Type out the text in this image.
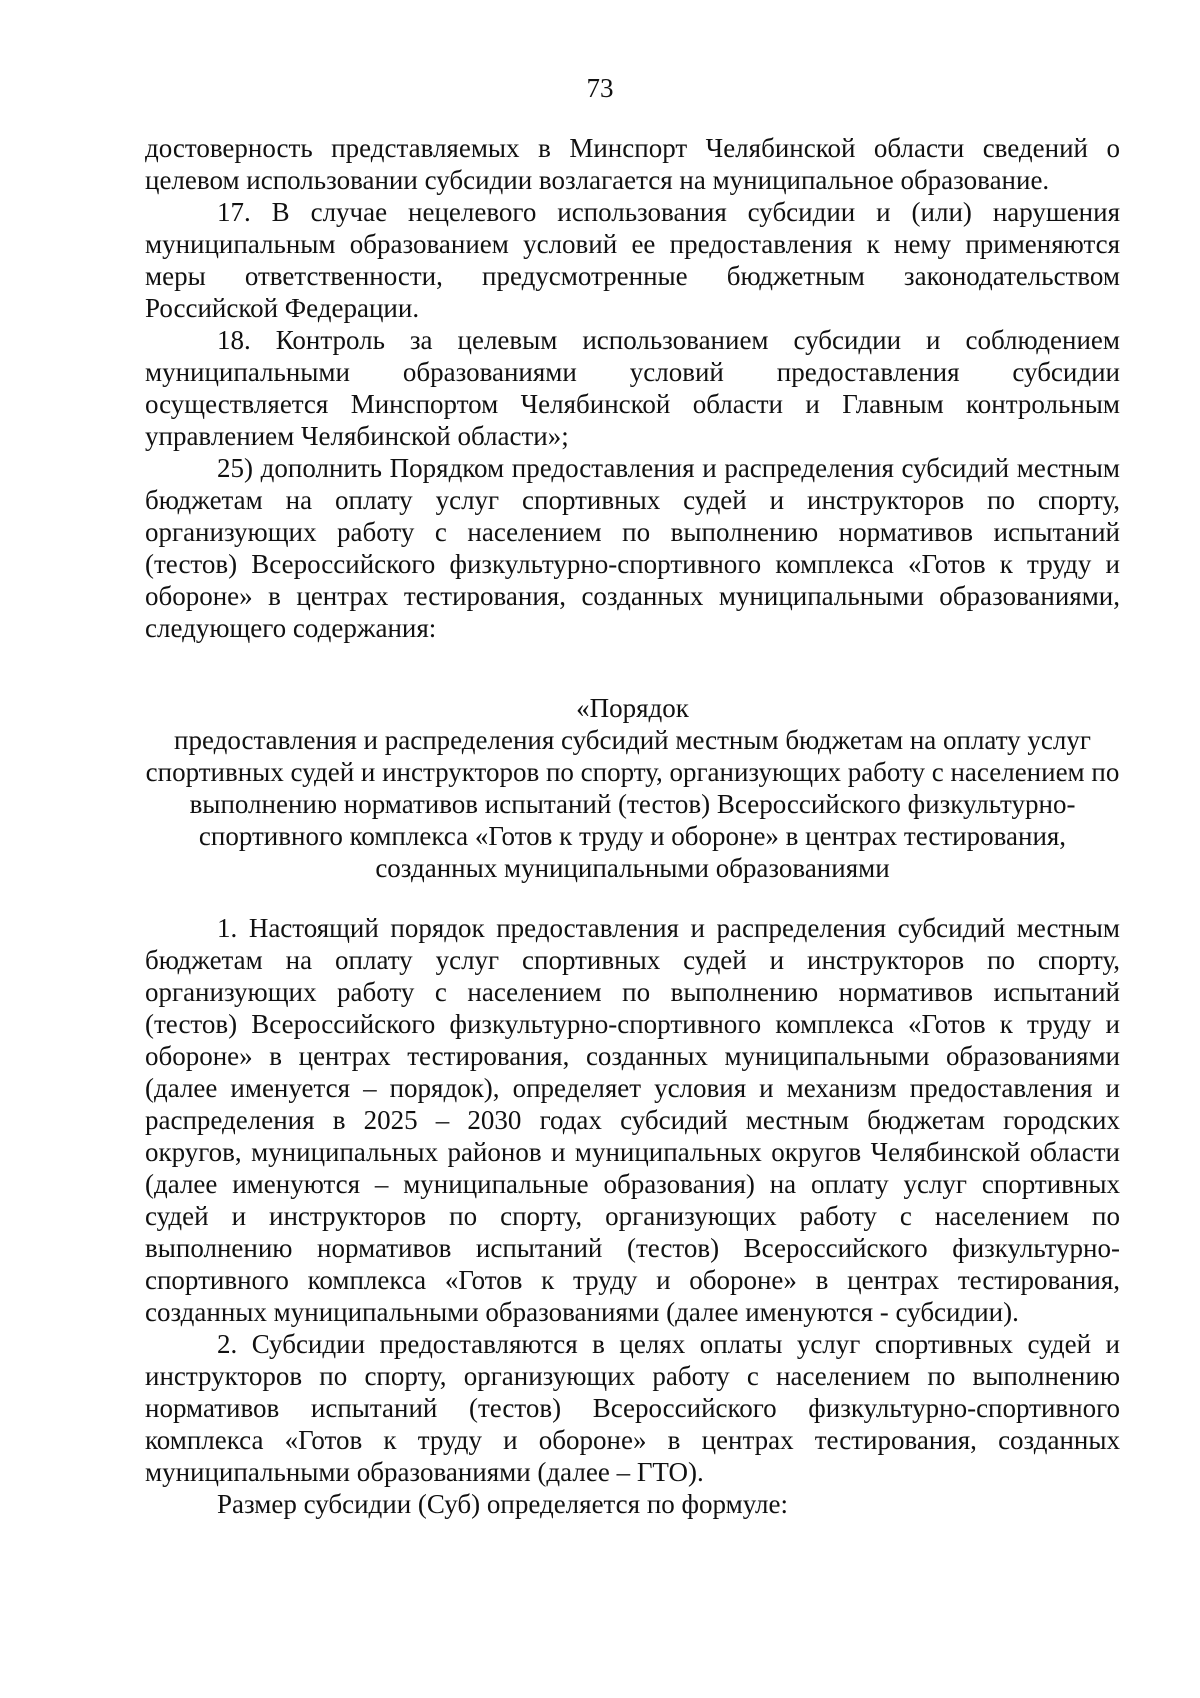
73

достоверность представляемых в Минспорт Челябинской области сведений о целевом использовании субсидии возлагается на муниципальное образование.

17. В случае нецелевого использования субсидии и (или) нарушения муниципальным образованием условий ее предоставления к нему применяются меры ответственности, предусмотренные бюджетным законодательством Российской Федерации.

18. Контроль за целевым использованием субсидии и соблюдением муниципальными образованиями условий предоставления субсидии осуществляется Минспортом Челябинской области и Главным контрольным управлением Челябинской области»;

25) дополнить Порядком предоставления и распределения субсидий местным бюджетам на оплату услуг спортивных судей и инструкторов по спорту, организующих работу с населением по выполнению нормативов испытаний (тестов) Всероссийского физкультурно-спортивного комплекса «Готов к труду и обороне» в центрах тестирования, созданных муниципальными образованиями, следующего содержания:

«Порядок

предоставления и распределения субсидий местным бюджетам на оплату услуг спортивных судей и инструкторов по спорту, организующих работу с населением по выполнению нормативов испытаний (тестов) Всероссийского физкультурно-спортивного комплекса «Готов к труду и обороне» в центрах тестирования, созданных муниципальными образованиями

1. Настоящий порядок предоставления и распределения субсидий местным бюджетам на оплату услуг спортивных судей и инструкторов по спорту, организующих работу с населением по выполнению нормативов испытаний (тестов) Всероссийского физкультурно-спортивного комплекса «Готов к труду и обороне» в центрах тестирования, созданных муниципальными образованиями (далее именуется – порядок), определяет условия и механизм предоставления и распределения в 2025 – 2030 годах субсидий местным бюджетам городских округов, муниципальных районов и муниципальных округов Челябинской области (далее именуются – муниципальные образования) на оплату услуг спортивных судей и инструкторов по спорту, организующих работу с населением по выполнению нормативов испытаний (тестов) Всероссийского физкультурно-спортивного комплекса «Готов к труду и обороне» в центрах тестирования, созданных муниципальными образованиями (далее именуются - субсидии).

2. Субсидии предоставляются в целях оплаты услуг спортивных судей и инструкторов по спорту, организующих работу с населением по выполнению нормативов испытаний (тестов) Всероссийского физкультурно-спортивного комплекса «Готов к труду и обороне» в центрах тестирования, созданных муниципальными образованиями (далее – ГТО).

Размер субсидии (Суб) определяется по формуле:
